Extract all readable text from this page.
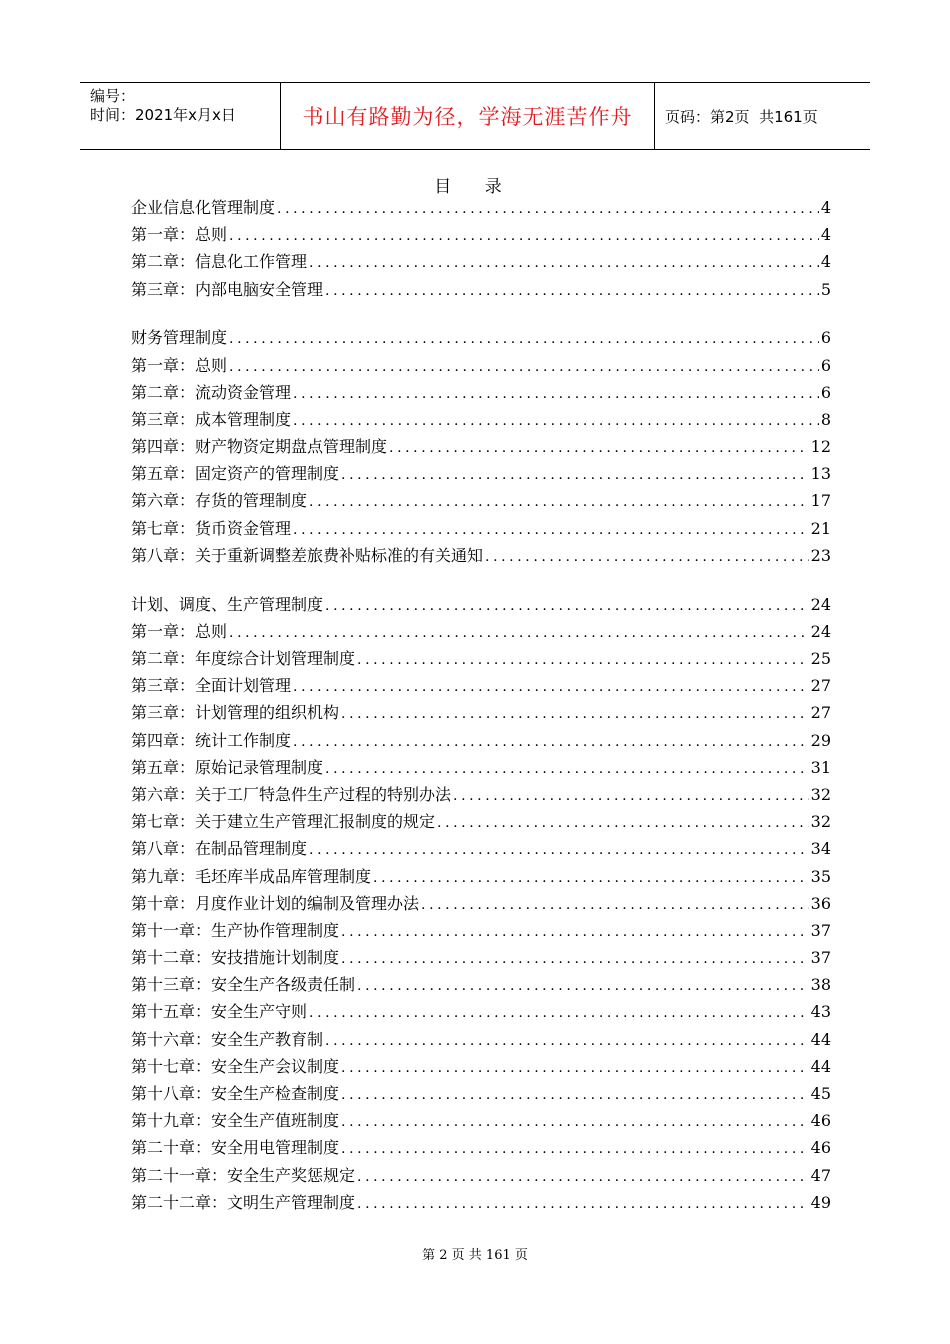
编号：
时间：2021年x月x日	书山有路勤为径，学海无涯苦作舟	页码：第2页  共161页
目 录
企业信息化管理制度 .....	4
第一章：总则 .....	4
第二章：信息化工作管理 .....	4
第三章：内部电脑安全管理 .....	5
财务管理制度 .....	6
第一章：总则 .....	6
第二章：流动资金管理 .....	6
第三章：成本管理制度 .....	8
第四章：财产物资定期盘点管理制度 .....	12
第五章：固定资产的管理制度 .....	13
第六章：存货的管理制度 .....	17
第七章：货币资金管理 .....	21
第八章：关于重新调整差旅费补贴标准的有关通知 .....	23
计划、调度、生产管理制度 .....	24
第一章：总则 .....	24
第二章：年度综合计划管理制度 .....	25
第三章：全面计划管理 .....	27
第三章：计划管理的组织机构 .....	27
第四章：统计工作制度 .....	29
第五章：原始记录管理制度 .....	31
第六章：关于工厂特急件生产过程的特别办法 .....	32
第七章：关于建立生产管理汇报制度的规定 .....	32
第八章：在制品管理制度 .....	34
第九章：毛坯库半成品库管理制度 .....	35
第十章：月度作业计划的编制及管理办法 .....	36
第十一章：生产协作管理制度 .....	37
第十二章：安技措施计划制度 .....	37
第十三章：安全生产各级责任制 .....	38
第十五章：安全生产守则 .....	43
第十六章：安全生产教育制 .....	44
第十七章：安全生产会议制度 .....	44
第十八章：安全生产检查制度 .....	45
第十九章：安全生产值班制度 .....	46
第二十章：安全用电管理制度 .....	46
第二十一章：安全生产奖惩规定 .....	47
第二十二章：文明生产管理制度 .....	49
第 2 页 共 161 页
